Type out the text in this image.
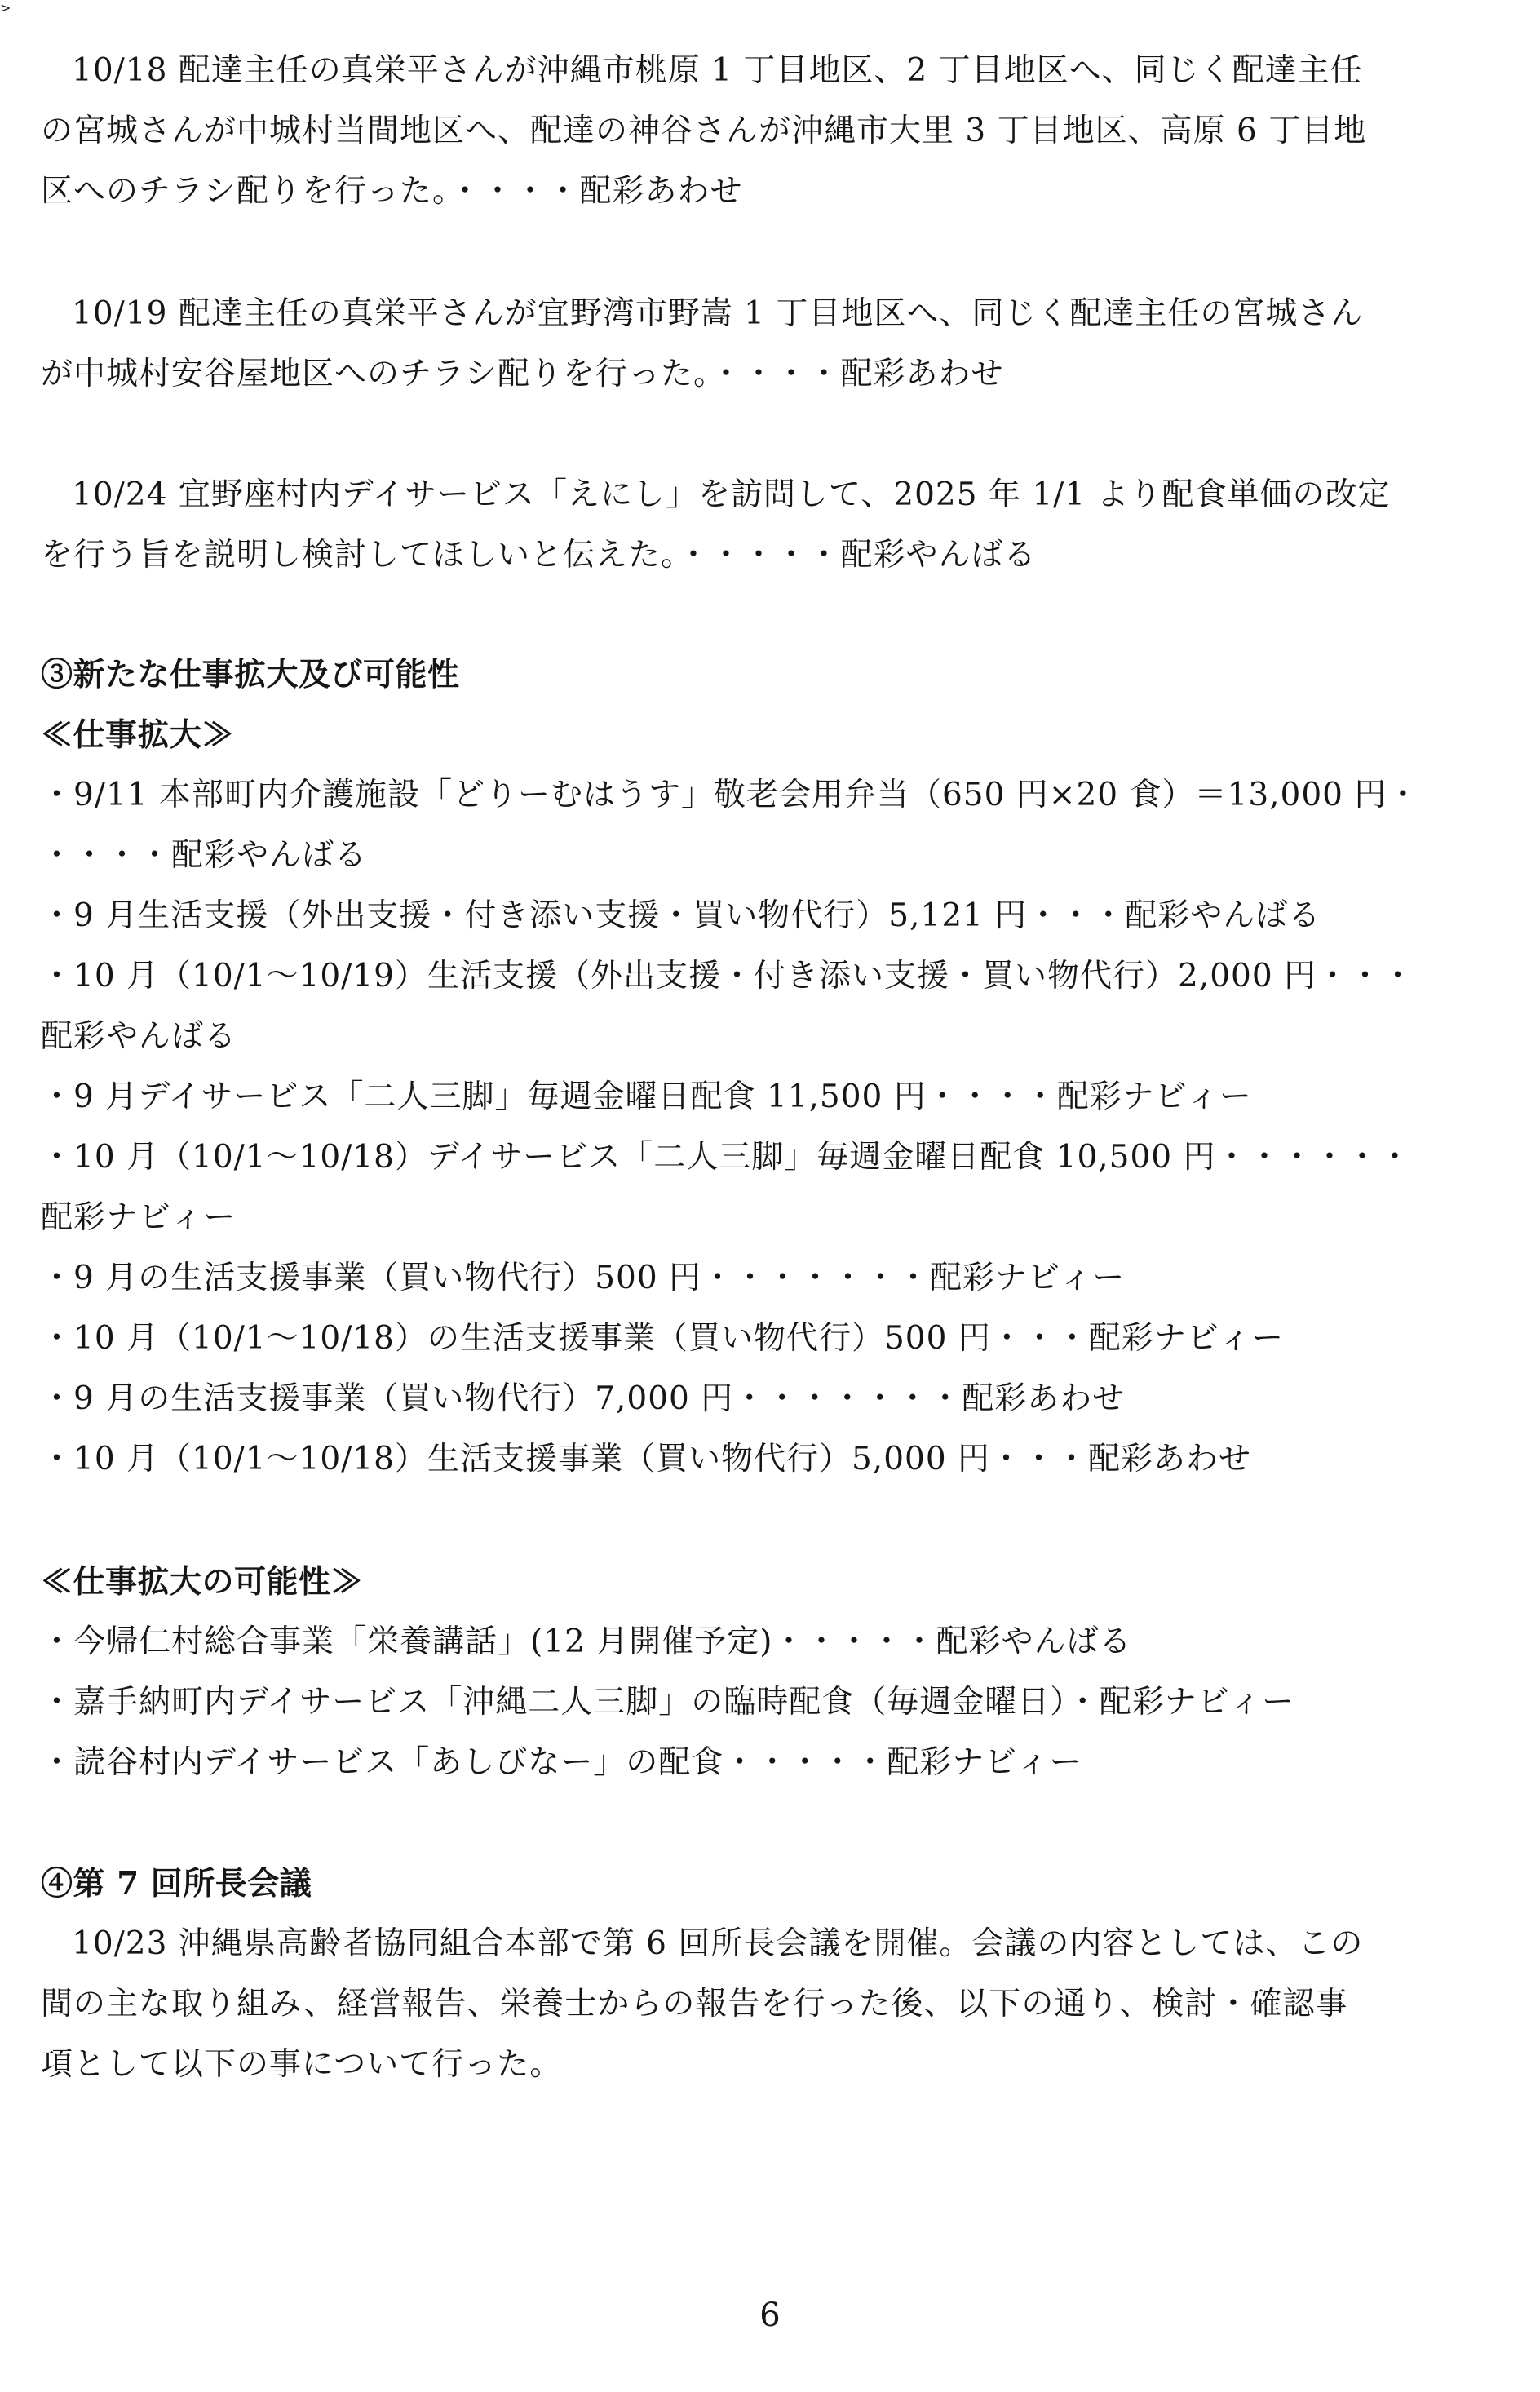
10/18 配達主任の真栄平さんが沖縄市桃原 1 丁目地区、2 丁目地区へ、同じく配達主任
の宮城さんが中城村当間地区へ、配達の神谷さんが沖縄市大里 3 丁目地区、高原 6 丁目地
区へのチラシ配りを行った。・・・・配彩あわせ
10/19 配達主任の真栄平さんが宜野湾市野嵩 1 丁目地区へ、同じく配達主任の宮城さん
が中城村安谷屋地区へのチラシ配りを行った。・・・・配彩あわせ
10/24 宜野座村内デイサービス「えにし」を訪問して、2025 年 1/1 より配食単価の改定
を行う旨を説明し検討してほしいと伝えた。・・・・・配彩やんばる
③新たな仕事拡大及び可能性
≪仕事拡大≫
・9/11 本部町内介護施設「どりーむはうす」敬老会用弁当（650 円×20 食）＝13,000 円・
・・・・配彩やんばる
・9 月生活支援（外出支援・付き添い支援・買い物代行）5,121 円・・・配彩やんばる
・10 月（10/1〜10/19）生活支援（外出支援・付き添い支援・買い物代行）2,000 円・・・
配彩やんばる
・9 月デイサービス「二人三脚」毎週金曜日配食 11,500 円・・・・配彩ナビィー
・10 月（10/1〜10/18）デイサービス「二人三脚」毎週金曜日配食 10,500 円・・・・・・
配彩ナビィー
・9 月の生活支援事業（買い物代行）500 円・・・・・・・配彩ナビィー
・10 月（10/1〜10/18）の生活支援事業（買い物代行）500 円・・・配彩ナビィー
・9 月の生活支援事業（買い物代行）7,000 円・・・・・・・配彩あわせ
・10 月（10/1〜10/18）生活支援事業（買い物代行）5,000 円・・・配彩あわせ
≪仕事拡大の可能性≫
・今帰仁村総合事業「栄養講話」(12 月開催予定)・・・・・配彩やんばる
・嘉手納町内デイサービス「沖縄二人三脚」の臨時配食（毎週金曜日）・配彩ナビィー
・読谷村内デイサービス「あしびなー」の配食・・・・・配彩ナビィー
>
④第 7 回所長会議
10/23 沖縄県高齢者協同組合本部で第 6 回所長会議を開催。会議の内容としては、この
間の主な取り組み、経営報告、栄養士からの報告を行った後、以下の通り、検討・確認事
項として以下の事について行った。
6
